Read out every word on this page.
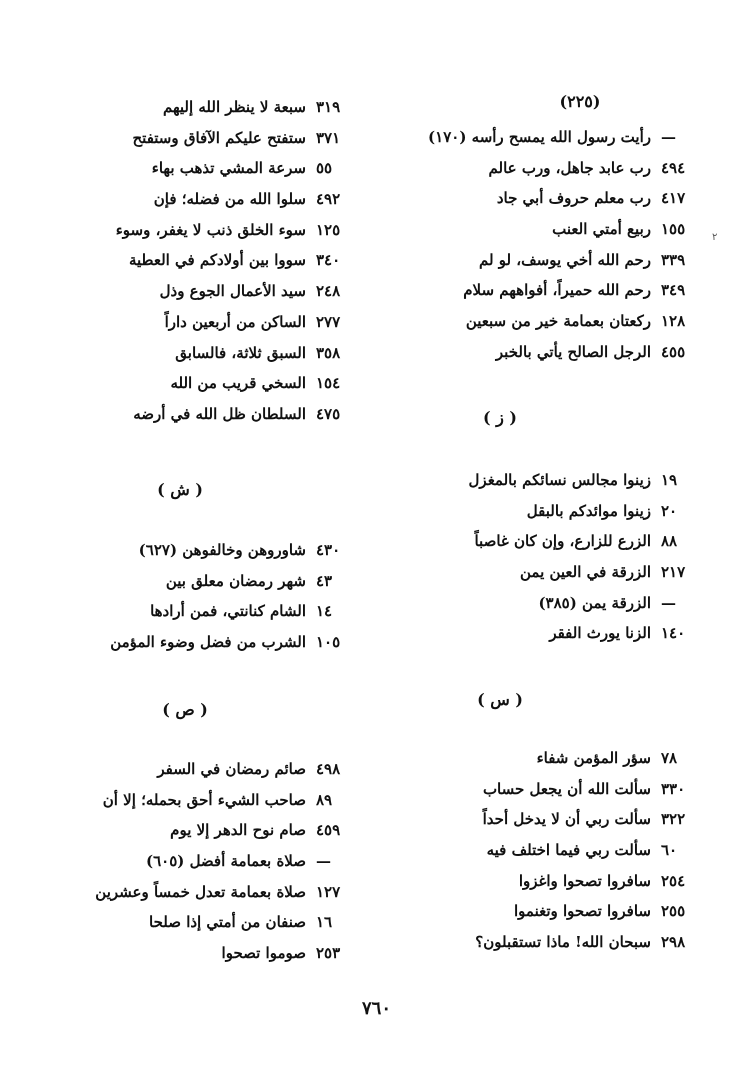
(٢٢٥)
—
رأيت رسول الله يمسح رأسه (١٧٠)
٤٩٤
رب عابد جاهل، ورب عالم
٤١٧
رب معلم حروف أبي جاد
١٥٥
ربيع أمتي العنب
٣٣٩
رحم الله أخي يوسف، لو لم
٣٤٩
رحم الله حميراً، أفواههم سلام
١٢٨
ركعتان بعمامة خير من سبعين
٤٥٥
الرجل الصالح يأتي بالخبر
١٩
زينوا مجالس نسائكم بالمغزل
٢٠
زينوا موائدكم بالبقل
٨٨
الزرع للزارع، وإن كان غاصباً
٢١٧
الزرقة في العين يمن
—
الزرقة يمن (٣٨٥)
١٤٠
الزنا يورث الفقر
٧٨
سؤر المؤمن شفاء
٣٣٠
سألت الله أن يجعل حساب
٣٢٢
سألت ربي أن لا يدخل أحداً
٦٠
سألت ربي فيما اختلف فيه
٢٥٤
سافروا تصحوا واغزوا
٢٥٥
سافروا تصحوا وتغنموا
٢٩٨
سبحان الله! ماذا تستقبلون؟
( ز )
( س )
٣١٩
سبعة لا ينظر الله إليهم
٣٧١
ستفتح عليكم الآفاق وستفتح
٥٥
سرعة المشي تذهب بهاء
٤٩٢
سلوا الله من فضله؛ فإن
١٢٥
سوء الخلق ذنب لا يغفر، وسوء
٣٤٠
سووا بين أولادكم في العطية
٢٤٨
سيد الأعمال الجوع وذل
٢٧٧
الساكن من أربعين داراً
٣٥٨
السبق ثلاثة، فالسابق
١٥٤
السخي قريب من الله
٤٧٥
السلطان ظل الله في أرضه
٤٣٠
شاوروهن وخالفوهن (٦٢٧)
٤٣
شهر رمضان معلق بين
١٤
الشام كنانتي، فمن أرادها
١٠٥
الشرب من فضل وضوء المؤمن
٤٩٨
صائم رمضان في السفر
٨٩
صاحب الشيء أحق بحمله؛ إلا أن
٤٥٩
صام نوح الدهر إلا يوم
—
صلاة بعمامة أفضل (٦٠٥)
١٢٧
صلاة بعمامة تعدل خمساً وعشرين
١٦
صنفان من أمتي إذا صلحا
٢٥٣
صوموا تصحوا
( ش )
( ص )
٧٦٠
٢
